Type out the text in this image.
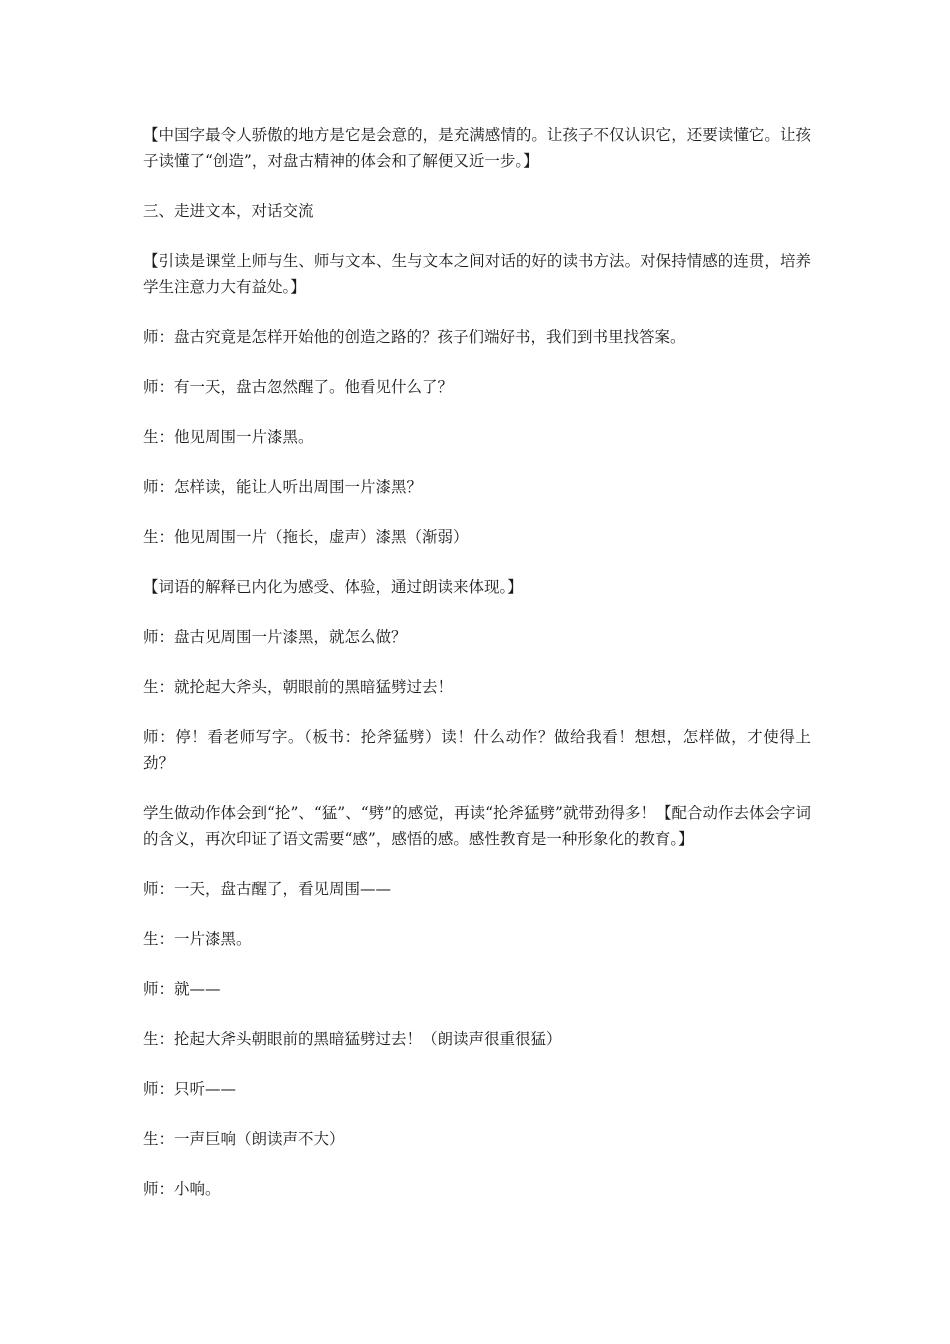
【中国字最令人骄傲的地方是它是会意的，是充满感情的。让孩子不仅认识它，还要读懂它。让孩子读懂了“创造”，对盘古精神的体会和了解便又近一步。】

三、走进文本，对话交流

【引读是课堂上师与生、师与文本、生与文本之间对话的好的读书方法。对保持情感的连贯，培养学生注意力大有益处。】

师：盘古究竟是怎样开始他的创造之路的？孩子们端好书，我们到书里找答案。

师：有一天，盘古忽然醒了。他看见什么了？

生：他见周围一片漆黑。

师：怎样读，能让人听出周围一片漆黑？

生：他见周围一片（拖长，虚声）漆黑（渐弱）

【词语的解释已内化为感受、体验，通过朗读来体现。】

师：盘古见周围一片漆黑，就怎么做？

生：就抡起大斧头，朝眼前的黑暗猛劈过去！

师：停！看老师写字。（板书：抡斧猛劈）读！什么动作？做给我看！想想，怎样做，才使得上劲？

学生做动作体会到“抡”、“猛”、“劈”的感觉，再读“抡斧猛劈”就带劲得多！【配合动作去体会字词的含义，再次印证了语文需要“感”，感悟的感。感性教育是一种形象化的教育。】

师：一天，盘古醒了，看见周围——

生：一片漆黑。

师：就——

生：抡起大斧头朝眼前的黑暗猛劈过去！（朗读声很重很猛）

师：只听——

生：一声巨响（朗读声不大）

师：小响。
